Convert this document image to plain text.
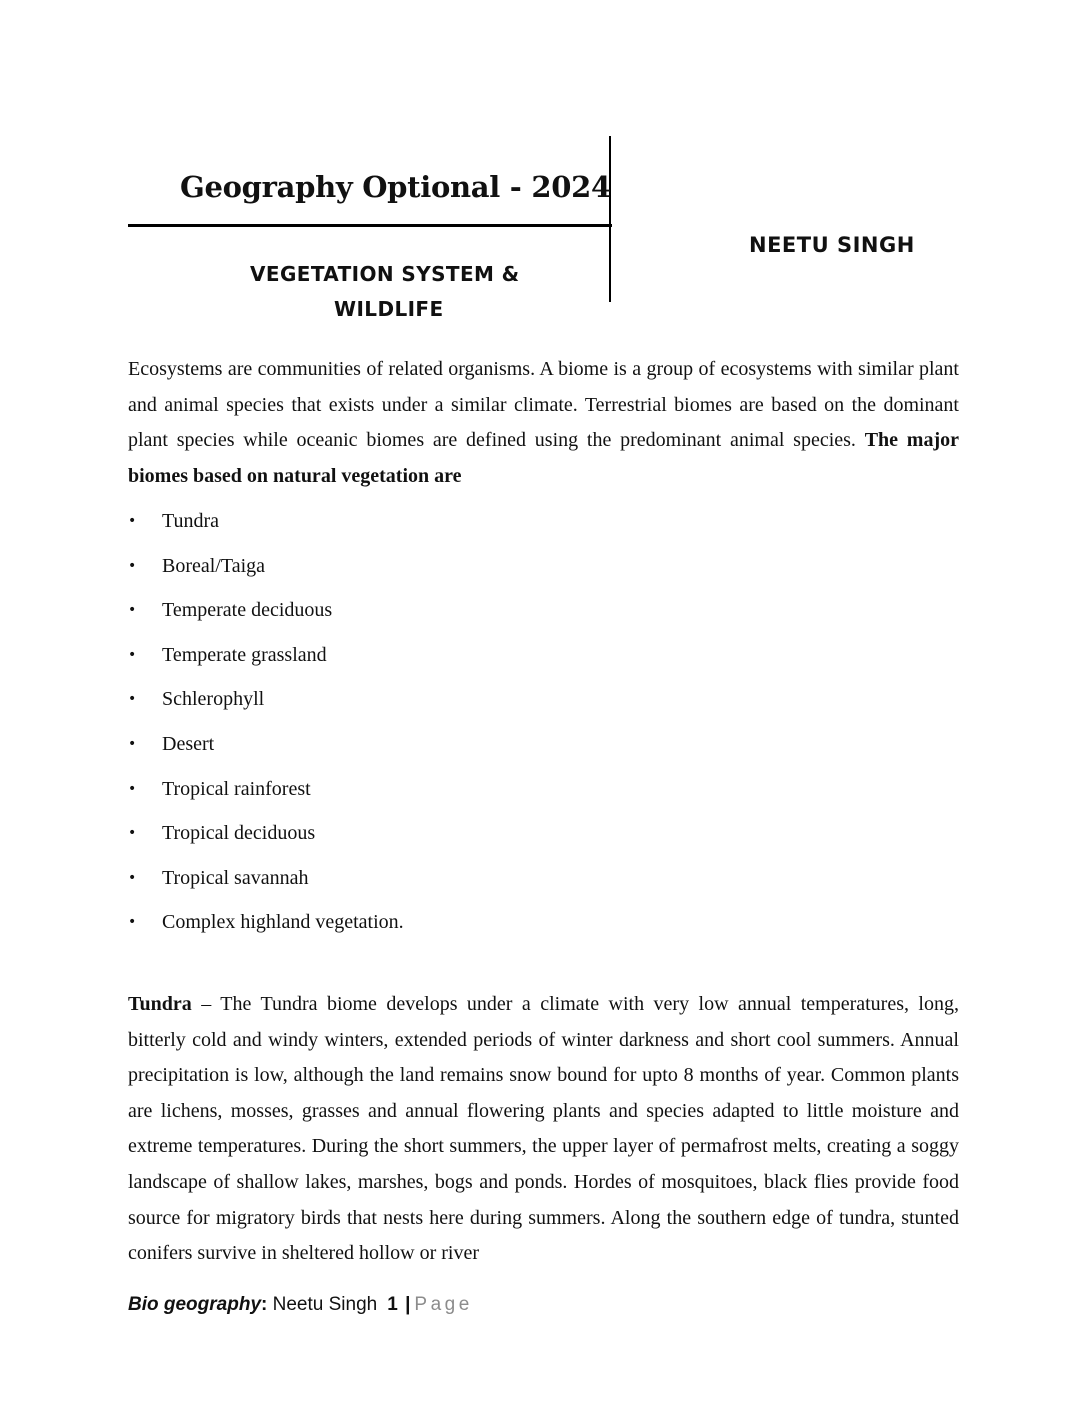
Geography Optional - 2024
NEETU SINGH
VEGETATION SYSTEM &
WILDLIFE
Ecosystems are communities of related organisms. A biome is a group of ecosystems with similar plant and animal species that exists under a similar climate. Terrestrial biomes are based on the dominant plant species while oceanic biomes are defined using the predominant animal species. The major biomes based on natural vegetation are
• Tundra
• Boreal/Taiga
• Temperate deciduous
• Temperate grassland
• Schlerophyll
• Desert
• Tropical rainforest
• Tropical deciduous
• Tropical savannah
• Complex highland vegetation.
Tundra – The Tundra biome develops under a climate with very low annual temperatures, long, bitterly cold and windy winters, extended periods of winter darkness and short cool summers. Annual precipitation is low, although the land remains snow bound for upto 8 months of year. Common plants are lichens, mosses, grasses and annual flowering plants and species adapted to little moisture and extreme temperatures. During the short summers, the upper layer of permafrost melts, creating a soggy landscape of shallow lakes, marshes, bogs and ponds. Hordes of mosquitoes, black flies provide food source for migratory birds that nests here during summers. Along the southern edge of tundra, stunted conifers survive in sheltered hollow or river
Bio geography: Neetu Singh 1 | Page
